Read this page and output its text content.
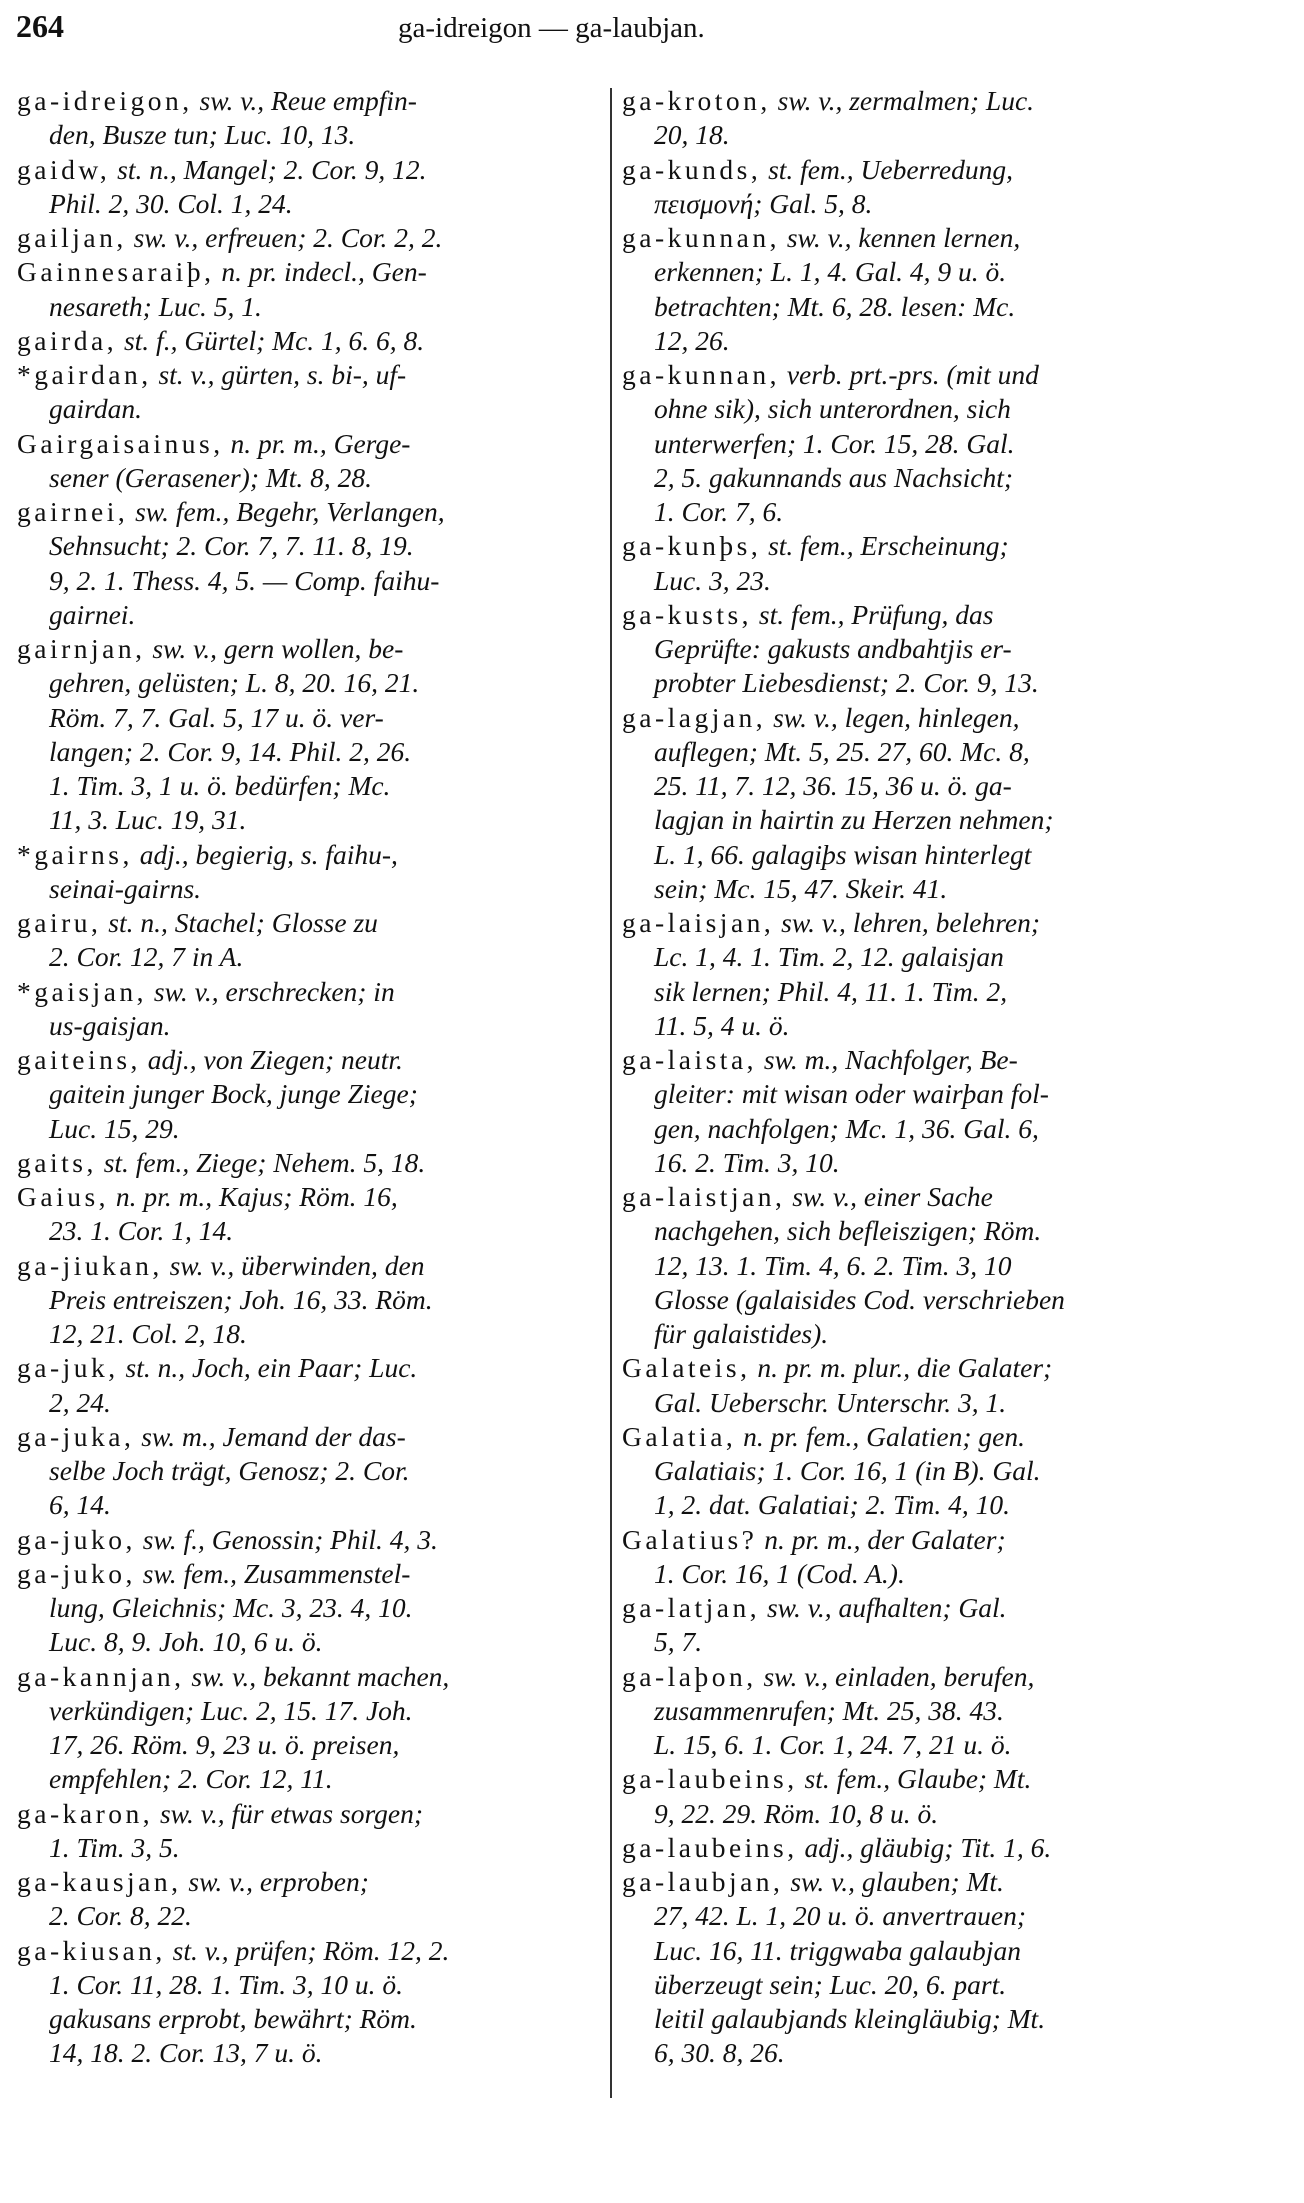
264	ga-idreigon — ga-laubjan.
ga-idreigon, sw. v., Reue empfin-
den, Busze tun; Luc. 10, 13.
gaidw, st. n., Mangel; 2. Cor. 9, 12.
Phil. 2, 30. Col. 1, 24.
gailjan, sw. v., erfreuen; 2. Cor. 2, 2.
Gainnesaraiþ, n. pr. indecl., Gen-
nesareth; Luc. 5, 1.
gairda, st. f., Gürtel; Mc. 1, 6. 6, 8.
*gairdan, st. v., gürten, s. bi-, uf-
gairdan.
Gairgaisainus, n. pr. m., Gerge-
sener (Gerasener); Mt. 8, 28.
gairnei, sw. fem., Begehr, Verlangen,
Sehnsucht; 2. Cor. 7, 7. 11. 8, 19.
9, 2. 1. Thess. 4, 5. — Comp. faihu-
gairnei.
gairnjan, sw. v., gern wollen, be-
gehren, gelüsten; L. 8, 20. 16, 21.
Röm. 7, 7. Gal. 5, 17 u. ö. ver-
langen; 2. Cor. 9, 14. Phil. 2, 26.
1. Tim. 3, 1 u. ö. bedürfen; Mc.
11, 3. Luc. 19, 31.
*gairns, adj., begierig, s. faihu-,
seinai-gairns.
gairu, st. n., Stachel; Glosse zu
2. Cor. 12, 7 in A.
*gaisjan, sw. v., erschrecken; in
us-gaisjan.
gaiteins, adj., von Ziegen; neutr.
gaitein junger Bock, junge Ziege;
Luc. 15, 29.
gaits, st. fem., Ziege; Nehem. 5, 18.
Gaius, n. pr. m., Kajus; Röm. 16,
23. 1. Cor. 1, 14.
ga-jiukan, sw. v., überwinden, den
Preis entreiszen; Joh. 16, 33. Röm.
12, 21. Col. 2, 18.
ga-juk, st. n., Joch, ein Paar; Luc.
2, 24.
ga-juka, sw. m., Jemand der das-
selbe Joch trägt, Genosz; 2. Cor.
6, 14.
ga-juko, sw. f., Genossin; Phil. 4, 3.
ga-juko, sw. fem., Zusammenstel-
lung, Gleichnis; Mc. 3, 23. 4, 10.
Luc. 8, 9. Joh. 10, 6 u. ö.
ga-kannjan, sw. v., bekannt machen,
verkündigen; Luc. 2, 15. 17. Joh.
17, 26. Röm. 9, 23 u. ö. preisen,
empfehlen; 2. Cor. 12, 11.
ga-karon, sw. v., für etwas sorgen;
1. Tim. 3, 5.
ga-kausjan, sw. v., erproben;
2. Cor. 8, 22.
ga-kiusan, st. v., prüfen; Röm. 12, 2.
1. Cor. 11, 28. 1. Tim. 3, 10 u. ö.
gakusans erprobt, bewährt; Röm.
14, 18. 2. Cor. 13, 7 u. ö.
ga-kroton, sw. v., zermalmen; Luc.
20, 18.
ga-kunds, st. fem., Ueberredung,
πεισμονή; Gal. 5, 8.
ga-kunnan, sw. v., kennen lernen,
erkennen; L. 1, 4. Gal. 4, 9 u. ö.
betrachten; Mt. 6, 28. lesen: Mc.
12, 26.
ga-kunnan, verb. prt.-prs. (mit und
ohne sik), sich unterordnen, sich
unterwerfen; 1. Cor. 15, 28. Gal.
2, 5. gakunnands aus Nachsicht;
1. Cor. 7, 6.
ga-kunþs, st. fem., Erscheinung;
Luc. 3, 23.
ga-kusts, st. fem., Prüfung, das
Geprüfte: gakusts andbahtjis er-
probter Liebesdienst; 2. Cor. 9, 13.
ga-lagjan, sw. v., legen, hinlegen,
auflegen; Mt. 5, 25. 27, 60. Mc. 8,
25. 11, 7. 12, 36. 15, 36 u. ö. ga-
lagjan in hairtin zu Herzen nehmen;
L. 1, 66. galagiþs wisan hinterlegt
sein; Mc. 15, 47. Skeir. 41.
ga-laisjan, sw. v., lehren, belehren;
Lc. 1, 4. 1. Tim. 2, 12. galaisjan
sik lernen; Phil. 4, 11. 1. Tim. 2,
11. 5, 4 u. ö.
ga-laista, sw. m., Nachfolger, Be-
gleiter: mit wisan oder wairþan fol-
gen, nachfolgen; Mc. 1, 36. Gal. 6,
16. 2. Tim. 3, 10.
ga-laistjan, sw. v., einer Sache
nachgehen, sich befleiszigen; Röm.
12, 13. 1. Tim. 4, 6. 2. Tim. 3, 10
Glosse (galaisides Cod. verschrieben
für galaistides).
Galateis, n. pr. m. plur., die Galater;
Gal. Ueberschr. Unterschr. 3, 1.
Galatia, n. pr. fem., Galatien; gen.
Galatiais; 1. Cor. 16, 1 (in B). Gal.
1, 2. dat. Galatiai; 2. Tim. 4, 10.
Galatius? n. pr. m., der Galater;
1. Cor. 16, 1 (Cod. A.).
ga-latjan, sw. v., aufhalten; Gal.
5, 7.
ga-laþon, sw. v., einladen, berufen,
zusammenrufen; Mt. 25, 38. 43.
L. 15, 6. 1. Cor. 1, 24. 7, 21 u. ö.
ga-laubeins, st. fem., Glaube; Mt.
9, 22. 29. Röm. 10, 8 u. ö.
ga-laubeins, adj., gläubig; Tit. 1, 6.
ga-laubjan, sw. v., glauben; Mt.
27, 42. L. 1, 20 u. ö. anvertrauen;
Luc. 16, 11. triggwaba galaubjan
überzeugt sein; Luc. 20, 6. part.
leitil galaubjands kleingläubig; Mt.
6, 30. 8, 26.
